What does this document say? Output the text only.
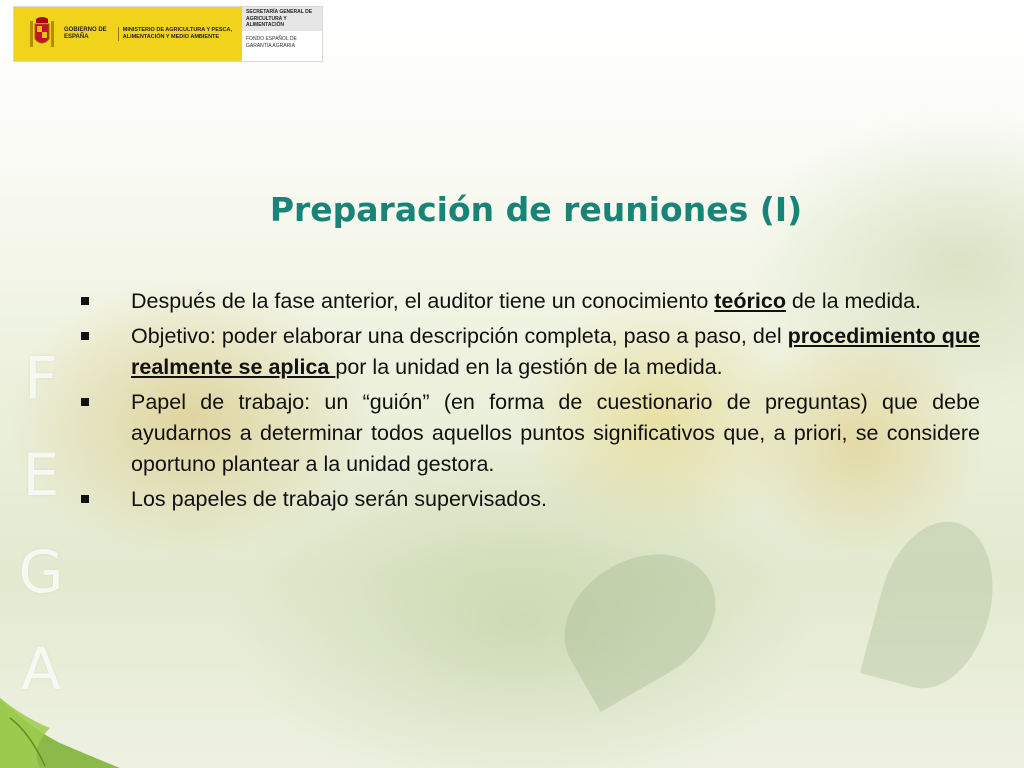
GOBIERNO DE ESPAÑA
MINISTERIO DE AGRICULTURA Y PESCA, ALIMENTACIÓN Y MEDIO AMBIENTE
SECRETARÍA GENERAL DE AGRICULTURA Y ALIMENTACIÓN
FONDO ESPAÑOL DE GARANTÍA AGRARIA
Preparación de reuniones (I)
Después de la fase anterior, el auditor tiene un conocimiento teórico de la medida.
Objetivo: poder elaborar una descripción completa, paso a paso, del procedimiento que realmente se aplica por la unidad en la gestión de la medida.
Papel de trabajo: un “guión” (en forma de cuestionario de preguntas) que debe ayudarnos a determinar todos aquellos puntos significativos que, a priori, se considere oportuno plantear a la unidad gestora.
Los papeles de trabajo serán supervisados.
F
E
G
A
